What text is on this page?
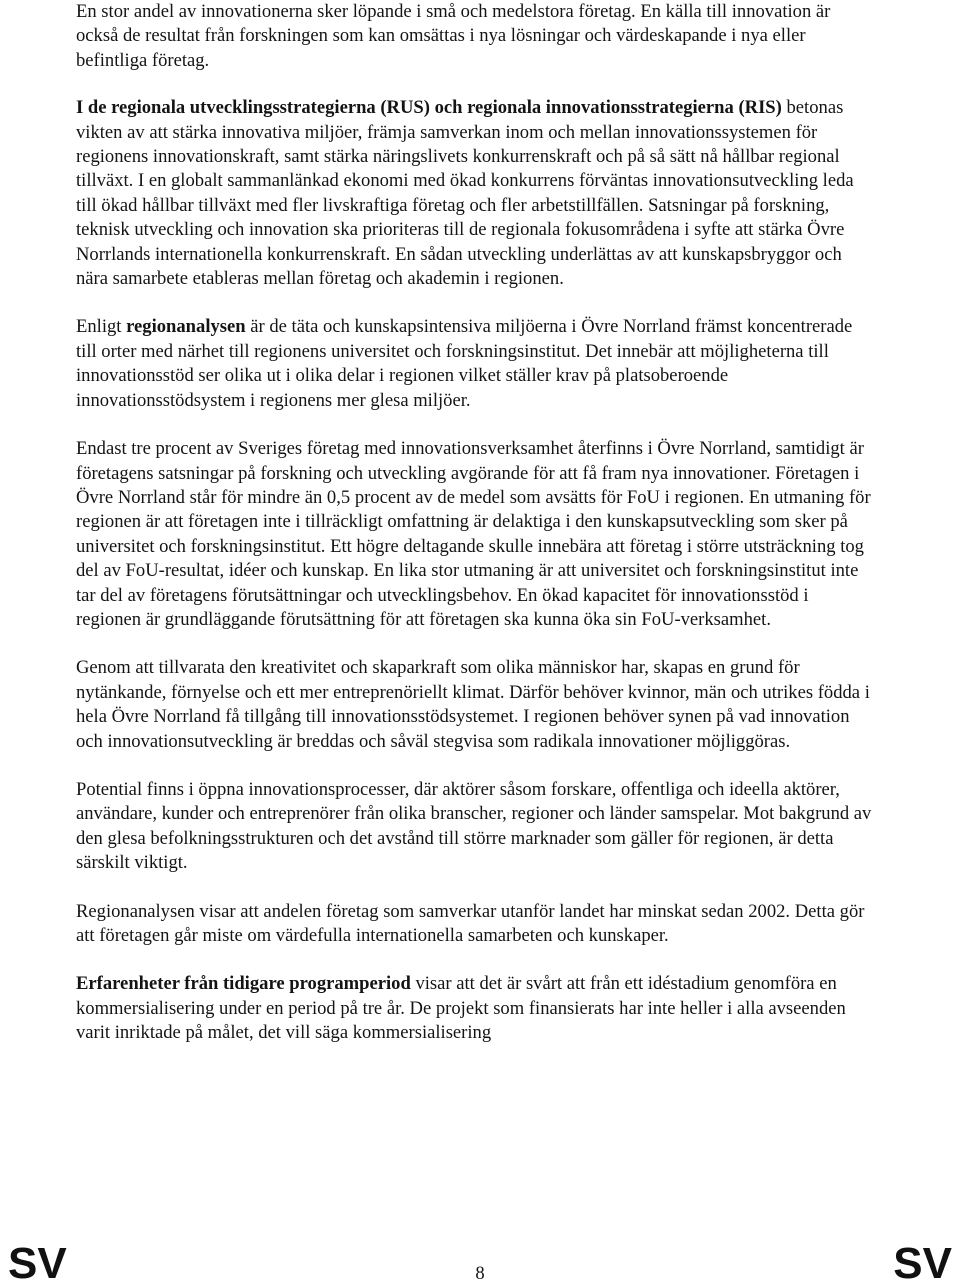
En stor andel av innovationerna sker löpande i små och medelstora företag. En källa till innovation är också de resultat från forskningen som kan omsättas i nya lösningar och värdeskapande i nya eller befintliga företag.

I de regionala utvecklingsstrategierna (RUS) och regionala innovationsstrategierna (RIS) betonas vikten av att stärka innovativa miljöer, främja samverkan inom och mellan innovationssystemen för regionens innovationskraft, samt stärka näringslivets konkurrenskraft och på så sätt nå hållbar regional tillväxt. I en globalt sammanlänkad ekonomi med ökad konkurrens förväntas innovationsutveckling leda till ökad hållbar tillväxt med fler livskraftiga företag och fler arbetstillfällen. Satsningar på forskning, teknisk utveckling och innovation ska prioriteras till de regionala fokusområdena i syfte att stärka Övre Norrlands internationella konkurrenskraft. En sådan utveckling underlättas av att kunskapsbryggor och nära samarbete etableras mellan företag och akademin i regionen.

Enligt regionanalysen är de täta och kunskapsintensiva miljöerna i Övre Norrland främst koncentrerade till orter med närhet till regionens universitet och forskningsinstitut. Det innebär att möjligheterna till innovationsstöd ser olika ut i olika delar i regionen vilket ställer krav på platsoberoende innovationsstödsystem i regionens mer glesa miljöer.

Endast tre procent av Sveriges företag med innovationsverksamhet återfinns i Övre Norrland, samtidigt är företagens satsningar på forskning och utveckling avgörande för att få fram nya innovationer. Företagen i Övre Norrland står för mindre än 0,5 procent av de medel som avsätts för FoU i regionen. En utmaning för regionen är att företagen inte i tillräckligt omfattning är delaktiga i den kunskapsutveckling som sker på universitet och forskningsinstitut. Ett högre deltagande skulle innebära att företag i större utsträckning tog del av FoU-resultat, idéer och kunskap. En lika stor utmaning är att universitet och forskningsinstitut inte tar del av företagens förutsättningar och utvecklingsbehov. En ökad kapacitet för innovationsstöd i regionen är grundläggande förutsättning för att företagen ska kunna öka sin FoU-verksamhet.

Genom att tillvarata den kreativitet och skaparkraft som olika människor har, skapas en grund för nytänkande, förnyelse och ett mer entreprenöriellt klimat. Därför behöver kvinnor, män och utrikes födda i hela Övre Norrland få tillgång till innovationsstödsystemet. I regionen behöver synen på vad innovation och innovationsutveckling är breddas och såväl stegvisa som radikala innovationer möjliggöras.

Potential finns i öppna innovationsprocesser, där aktörer såsom forskare, offentliga och ideella aktörer, användare, kunder och entreprenörer från olika branscher, regioner och länder samspelar. Mot bakgrund av den glesa befolkningsstrukturen och det avstånd till större marknader som gäller för regionen, är detta särskilt viktigt.

Regionanalysen visar att andelen företag som samverkar utanför landet har minskat sedan 2002. Detta gör att företagen går miste om värdefulla internationella samarbeten och kunskaper.

Erfarenheter från tidigare programperiod visar att det är svårt att från ett idéstadium genomföra en kommersialisering under en period på tre år. De projekt som finansierats har inte heller i alla avseenden varit inriktade på målet, det vill säga kommersialisering

SV	8	SV
